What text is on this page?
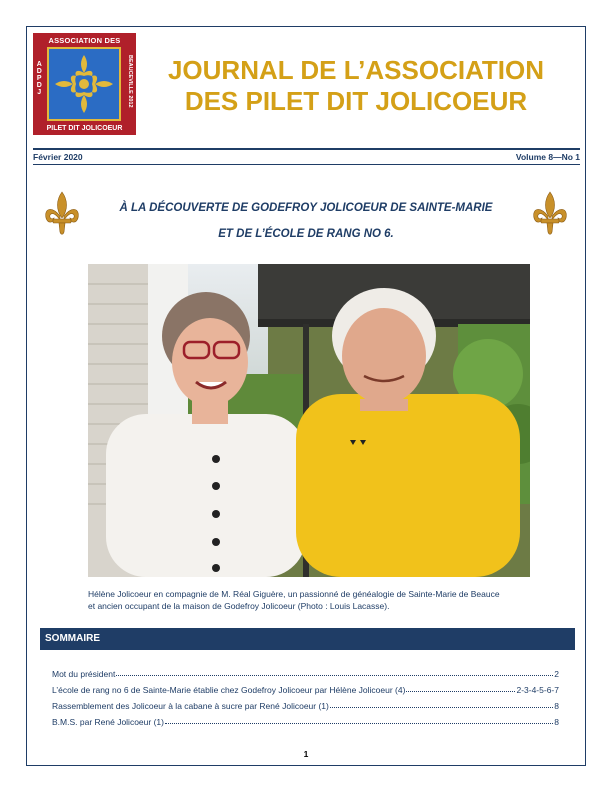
ASSOCIATION DES
ADPDJ	BEAUCEVILLE 2012
PILET DIT JOLICOEUR
JOURNAL DE L’ASSOCIATION
DES PILET DIT JOLICOEUR
Février 2020	Volume 8—No 1
À LA DÉCOUVERTE DE GODEFROY JOLICOEUR DE SAINTE-MARIE
ET DE L’ÉCOLE DE RANG NO 6.
Hélène Jolicoeur en compagnie de M. Réal Giguère, un passionné de généalogie de Sainte-Marie de Beauce
et ancien occupant de la maison de Godefroy Jolicoeur (Photo : Louis Lacasse).
SOMMAIRE
Mot du président	2
L’école de rang no 6 de Sainte-Marie établie chez Godefroy Jolicoeur par Hélène Jolicoeur (4)	2-3-4-5-6-7
Rassemblement des Jolicoeur à la cabane à sucre par René Jolicoeur (1)	8
B.M.S. par René Jolicoeur (1)	8
1
